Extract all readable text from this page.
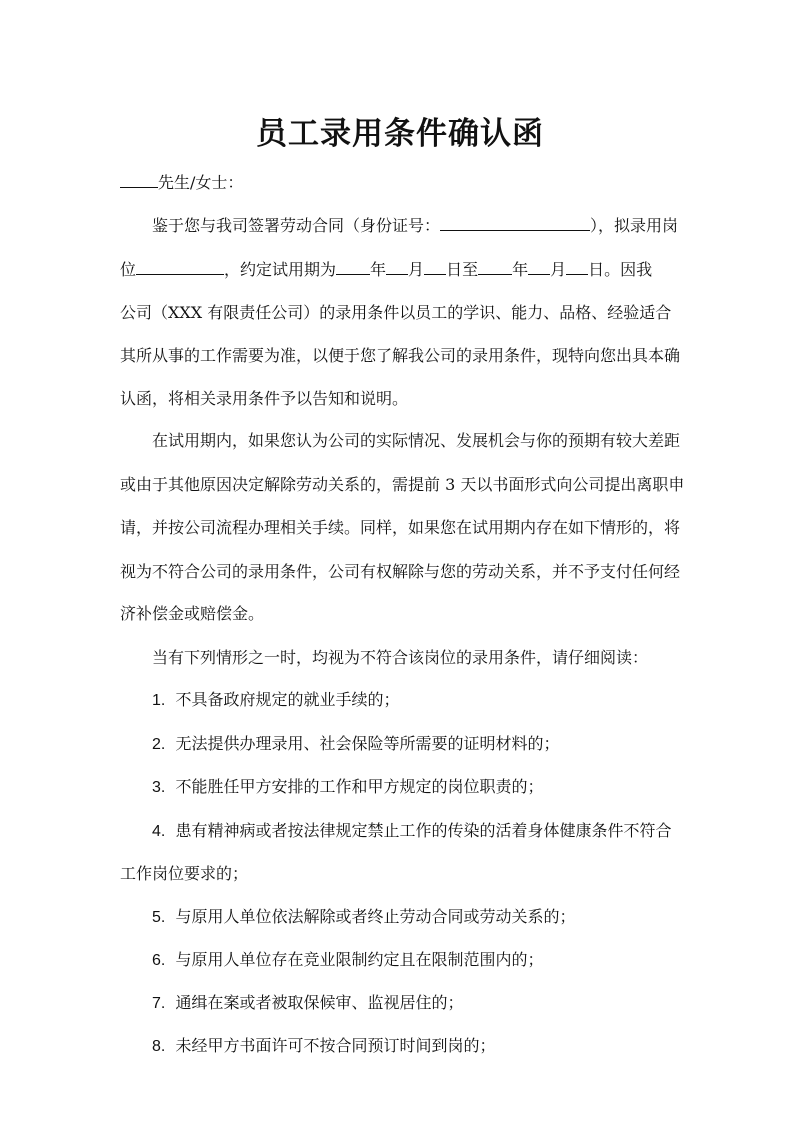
员工录用条件确认函
先生/女士：
鉴于您与我司签署劳动合同（身份证号：	），拟录用岗
位	，约定试用期为 年 月 日至 年 月 日。因我
公司（XXX 有限责任公司）的录用条件以员工的学识、能力、品格、经验适合
其所从事的工作需要为准，以便于您了解我公司的录用条件，现特向您出具本确
认函，将相关录用条件予以告知和说明。
在试用期内，如果您认为公司的实际情况、发展机会与你的预期有较大差距
或由于其他原因决定解除劳动关系的，需提前 3 天以书面形式向公司提出离职申
请，并按公司流程办理相关手续。同样，如果您在试用期内存在如下情形的，将
视为不符合公司的录用条件，公司有权解除与您的劳动关系，并不予支付任何经
济补偿金或赔偿金。
当有下列情形之一时，均视为不符合该岗位的录用条件，请仔细阅读：
1. 不具备政府规定的就业手续的；
2. 无法提供办理录用、社会保险等所需要的证明材料的；
3. 不能胜任甲方安排的工作和甲方规定的岗位职责的；
4. 患有精神病或者按法律规定禁止工作的传染的活着身体健康条件不符合
工作岗位要求的；
5. 与原用人单位依法解除或者终止劳动合同或劳动关系的；
6. 与原用人单位存在竞业限制约定且在限制范围内的；
7. 通缉在案或者被取保候审、监视居住的；
8. 未经甲方书面许可不按合同预订时间到岗的；
